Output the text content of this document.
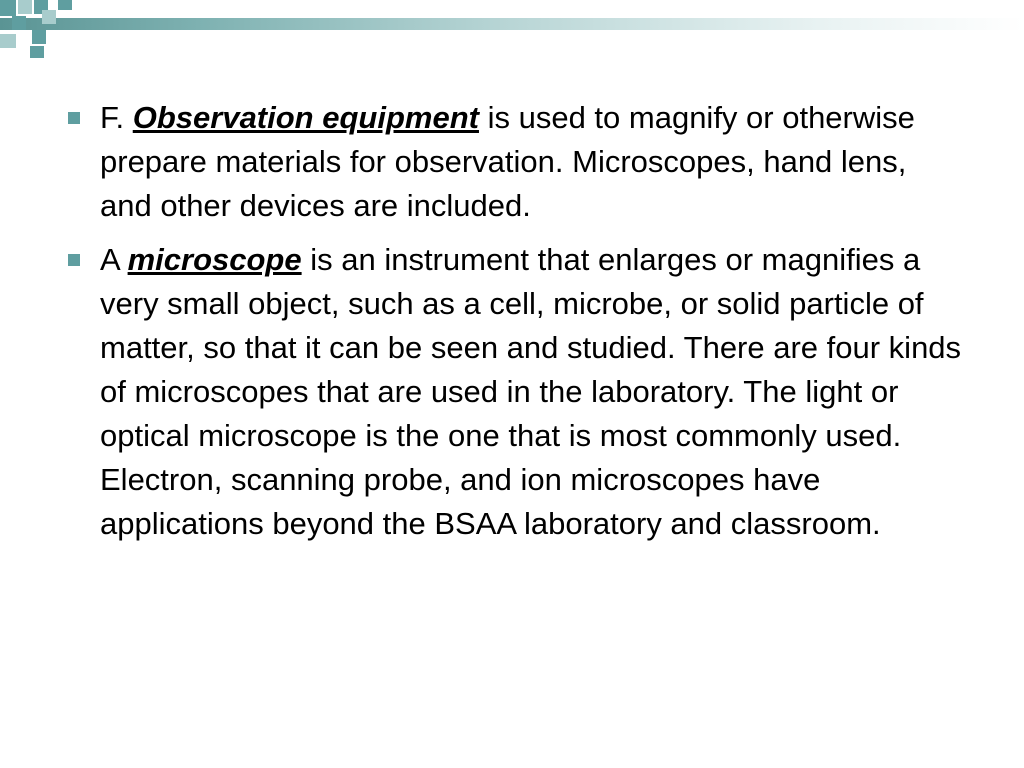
F. Observation equipment is used to magnify or otherwise prepare materials for observation. Microscopes, hand lens, and other devices are included.
A microscope is an instrument that enlarges or magnifies a very small object, such as a cell, microbe, or solid particle of matter, so that it can be seen and studied. There are four kinds of microscopes that are used in the laboratory. The light or optical microscope is the one that is most commonly used. Electron, scanning probe, and ion microscopes have applications beyond the BSAA laboratory and classroom.
